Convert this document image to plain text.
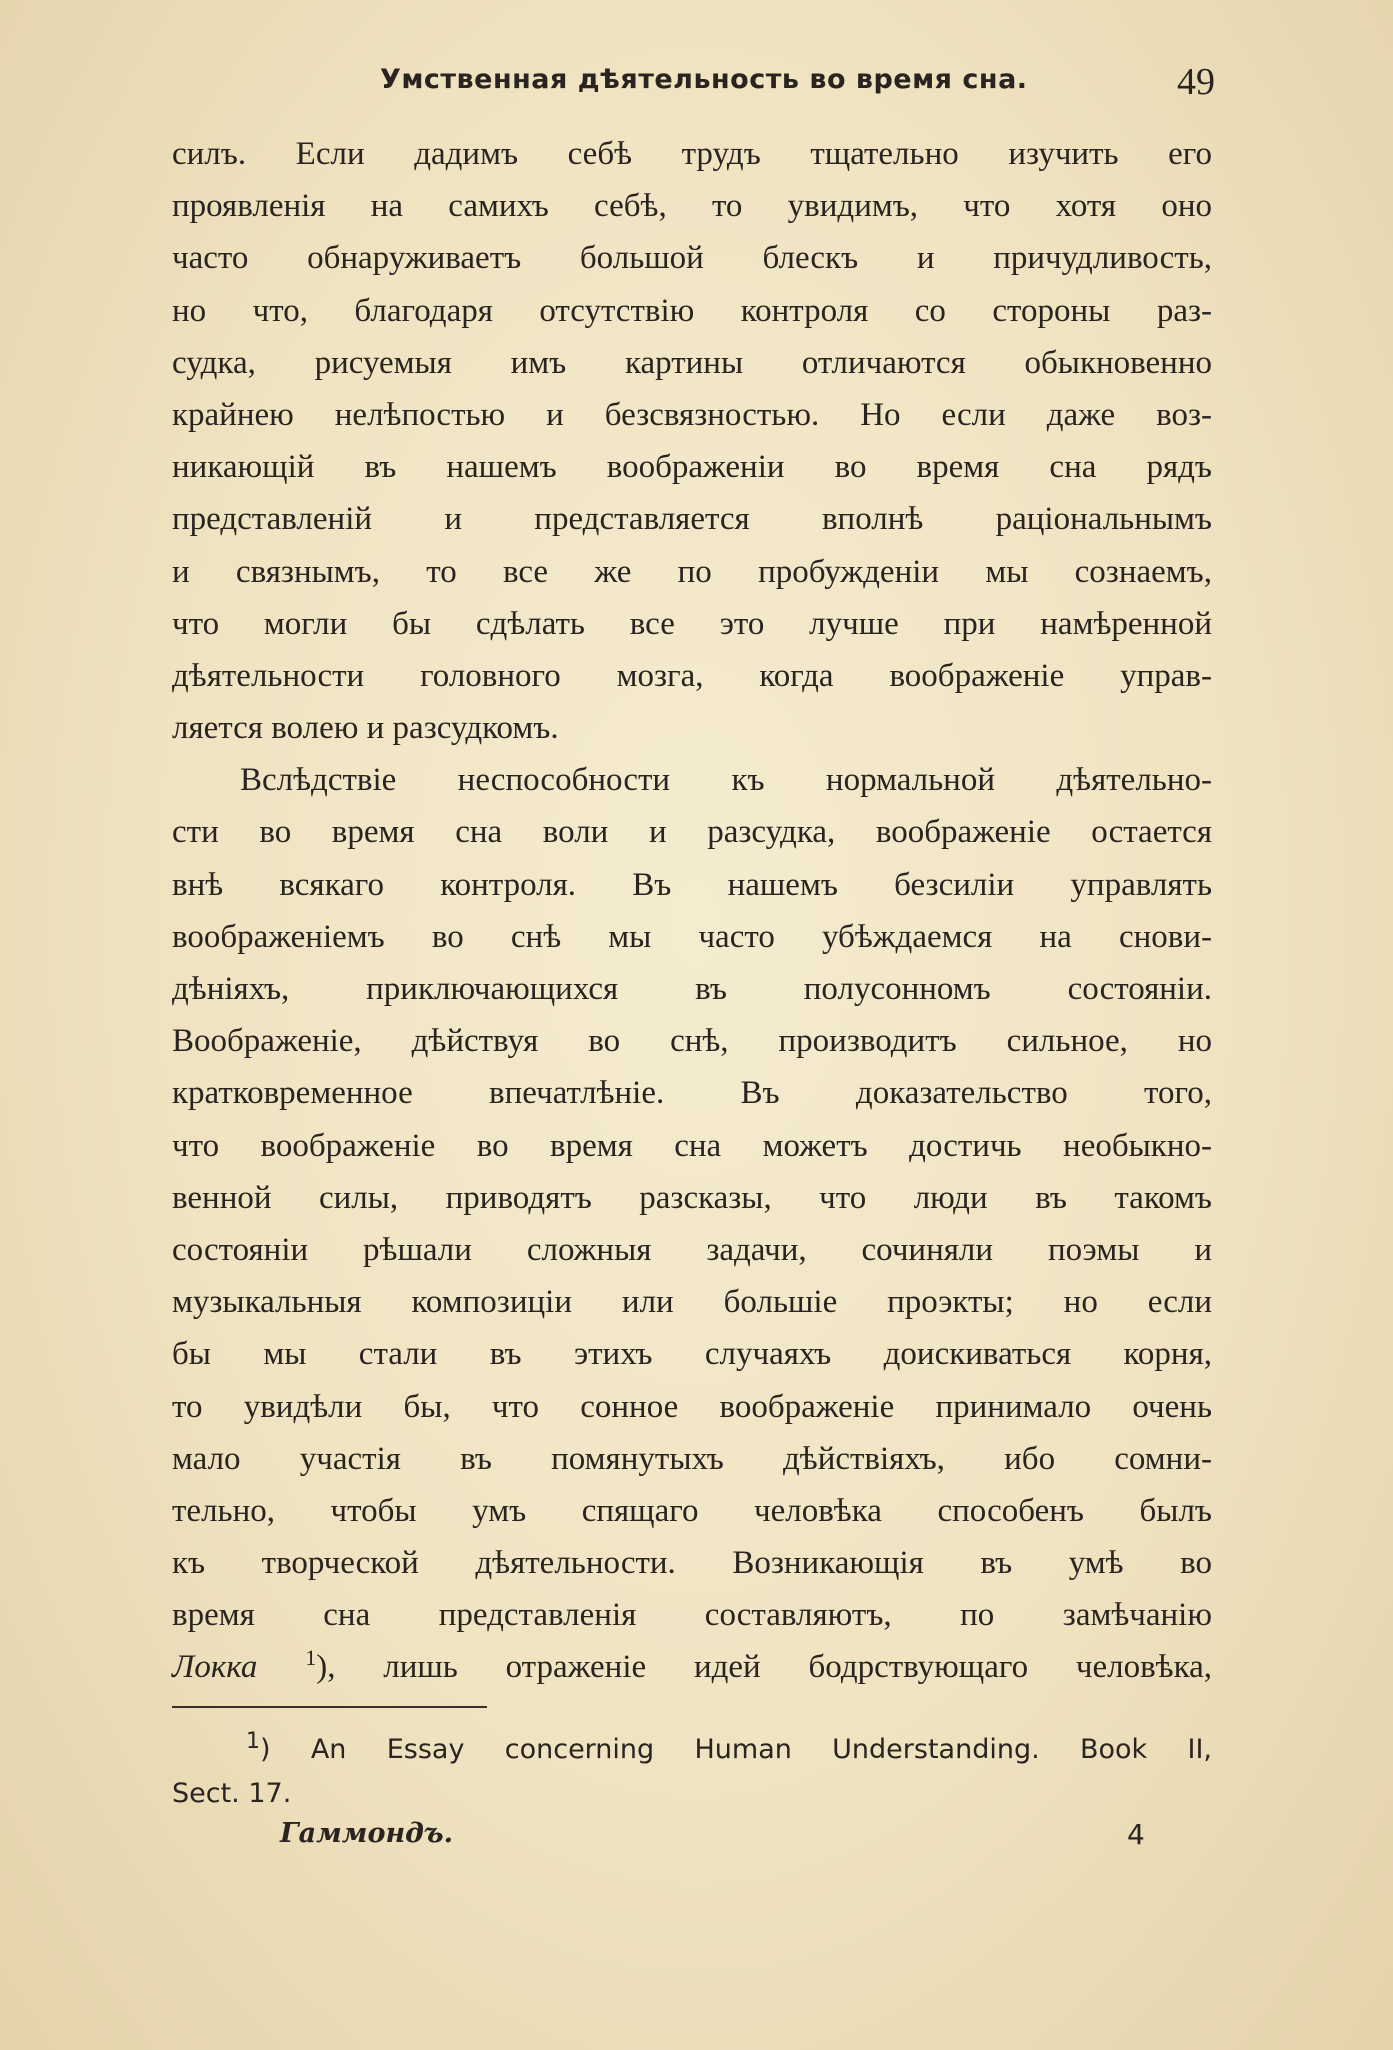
Умственная дѣятельность во время сна.	49
силъ. Если дадимъ себѣ трудъ тщательно изучить его
проявленія на самихъ себѣ, то увидимъ, что хотя оно
часто обнаруживаетъ большой блескъ и причудливость,
но что, благодаря отсутствію контроля со стороны раз-
судка, рисуемыя имъ картины отличаются обыкновенно
крайнею нелѣпостью и безсвязностью. Но если даже воз-
никающій въ нашемъ воображеніи во время сна рядъ
представленій и представляется вполнѣ раціональнымъ
и связнымъ, то все же по пробужденіи мы сознаемъ,
что могли бы сдѣлать все это лучше при намѣренной
дѣятельности головного мозга, когда воображеніе управ-
ляется волею и разсудкомъ.
Вслѣдствіе неспособности къ нормальной дѣятельно-
сти во время сна воли и разсудка, воображеніе остается
внѣ всякаго контроля. Въ нашемъ безсиліи управлять
воображеніемъ во снѣ мы часто убѣждаемся на снови-
дѣніяхъ, приключающихся въ полусонномъ состояніи.
Воображеніе, дѣйствуя во снѣ, производитъ сильное, но
кратковременное впечатлѣніе. Въ доказательство того,
что воображеніе во время сна можетъ достичь необыкно-
венной силы, приводятъ разсказы, что люди въ такомъ
состояніи рѣшали сложныя задачи, сочиняли поэмы и
музыкальныя композиціи или большіе проэкты; но если
бы мы стали въ этихъ случаяхъ доискиваться корня,
то увидѣли бы, что сонное воображеніе принимало очень
мало участія въ помянутыхъ дѣйствіяхъ, ибо сомни-
тельно, чтобы умъ спящаго человѣка способенъ былъ
къ творческой дѣятельности. Возникающія въ умѣ во
время сна представленія составляютъ, по замѣчанію
Локка $^1$), лишь отраженіе идей бодрствующаго человѣка,
$^1$) An Essay concerning Human Understanding. Book II,
Sect. 17.
Гаммондъ.	4
